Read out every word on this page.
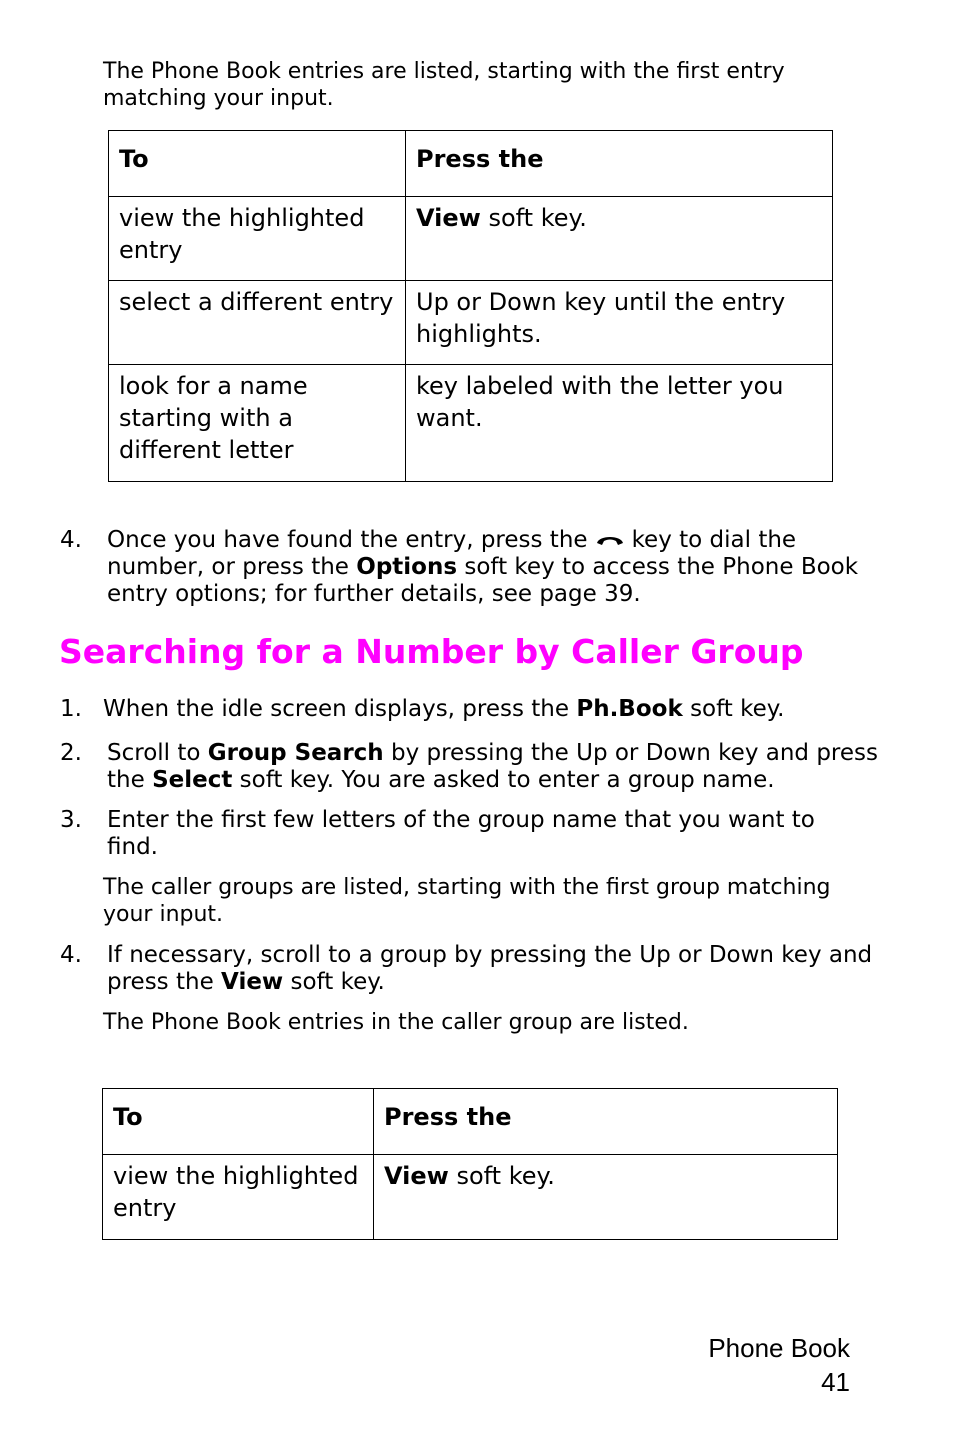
The Phone Book entries are listed, starting with the first entry matching your input.
To	Press the
view the highlighted entry	View soft key.
select a different entry	Up or Down key until the entry highlights.
look for a name starting with a different letter	key labeled with the letter you want.
4. Once you have found the entry, press the key to dial the number, or press the Options soft key to access the Phone Book entry options; for further details, see page 39.
Searching for a Number by Caller Group
1. When the idle screen displays, press the Ph.Book soft key.
2. Scroll to Group Search by pressing the Up or Down key and press the Select soft key. You are asked to enter a group name.
3. Enter the first few letters of the group name that you want to find.
The caller groups are listed, starting with the first group matching your input.
4. If necessary, scroll to a group by pressing the Up or Down key and press the View soft key.
The Phone Book entries in the caller group are listed.
To	Press the
view the highlighted entry	View soft key.
Phone Book
41
